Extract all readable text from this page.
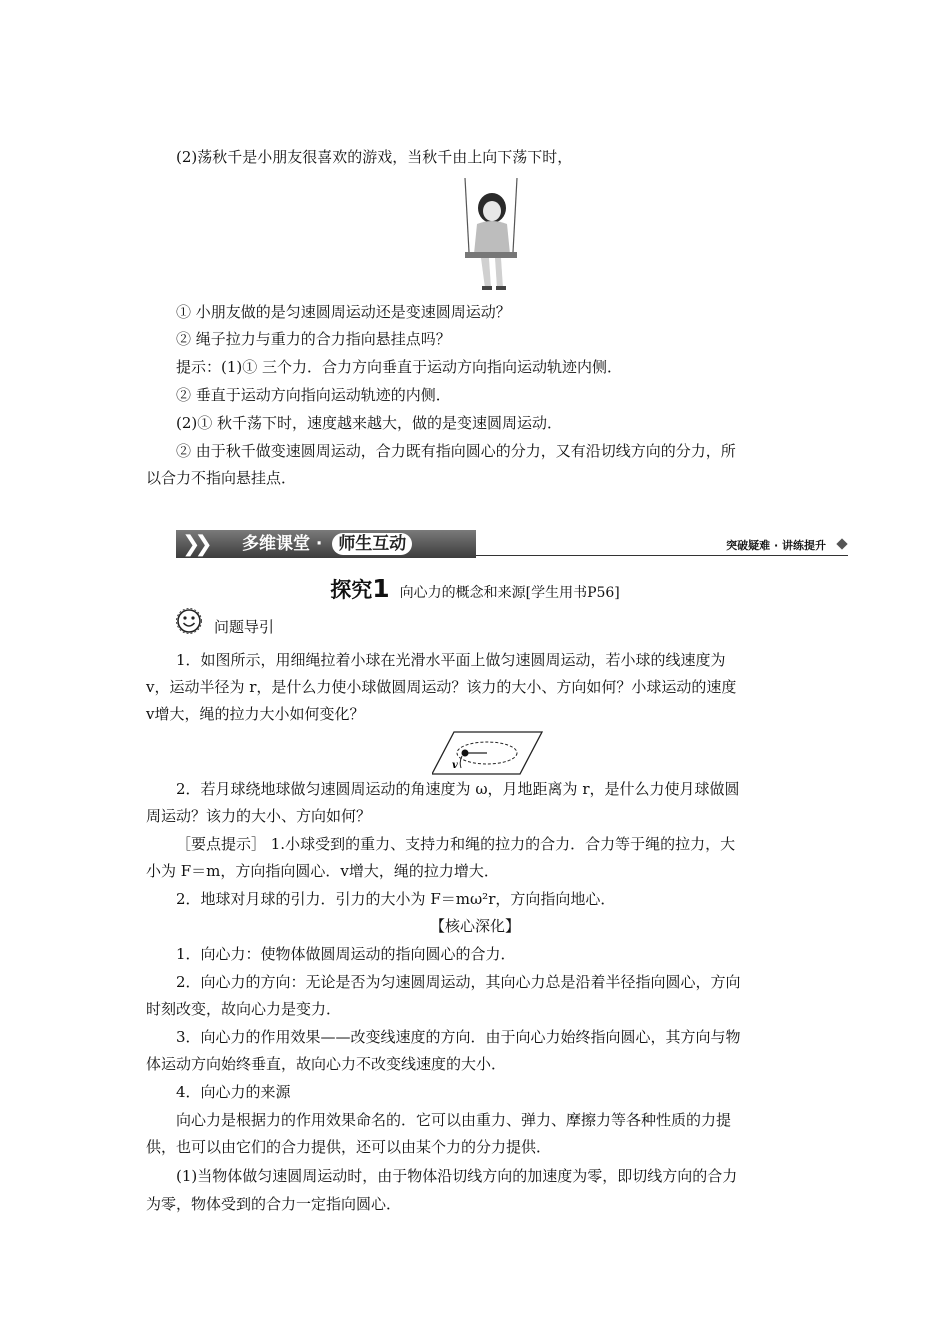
(2)荡秋千是小朋友很喜欢的游戏，当秋千由上向下荡下时，
① 小朋友做的是匀速圆周运动还是变速圆周运动？
② 绳子拉力与重力的合力指向悬挂点吗？
提示：(1)① 三个力．合力方向垂直于运动方向指向运动轨迹内侧．
② 垂直于运动方向指向运动轨迹的内侧．
(2)① 秋千荡下时，速度越来越大，做的是变速圆周运动．
② 由于秋千做变速圆周运动，合力既有指向圆心的分力，又有沿切线方向的分力，所
以合力不指向悬挂点．
❯❯ 多维课堂 · 师生互动	突破疑难 · 讲练提升
探究1 向心力的概念和来源[学生用书P56]
问题导引
1．如图所示，用细绳拉着小球在光滑水平面上做匀速圆周运动，若小球的线速度为
v，运动半径为 r，是什么力使小球做圆周运动？该力的大小、方向如何？小球运动的速度
v增大，绳的拉力大小如何变化？
v
2．若月球绕地球做匀速圆周运动的角速度为 ω，月地距离为 r，是什么力使月球做圆
周运动？该力的大小、方向如何？
［要点提示］ 1.小球受到的重力、支持力和绳的拉力的合力．合力等于绳的拉力，大
小为 F＝m，方向指向圆心．v增大，绳的拉力增大．
2．地球对月球的引力．引力的大小为 F＝mω²r，方向指向地心．
【核心深化】
1．向心力：使物体做圆周运动的指向圆心的合力．
2．向心力的方向：无论是否为匀速圆周运动，其向心力总是沿着半径指向圆心，方向
时刻改变，故向心力是变力．
3．向心力的作用效果——改变线速度的方向．由于向心力始终指向圆心，其方向与物
体运动方向始终垂直，故向心力不改变线速度的大小．
4．向心力的来源
向心力是根据力的作用效果命名的．它可以由重力、弹力、摩擦力等各种性质的力提
供，也可以由它们的合力提供，还可以由某个力的分力提供．
(1)当物体做匀速圆周运动时，由于物体沿切线方向的加速度为零，即切线方向的合力
为零，物体受到的合力一定指向圆心．
